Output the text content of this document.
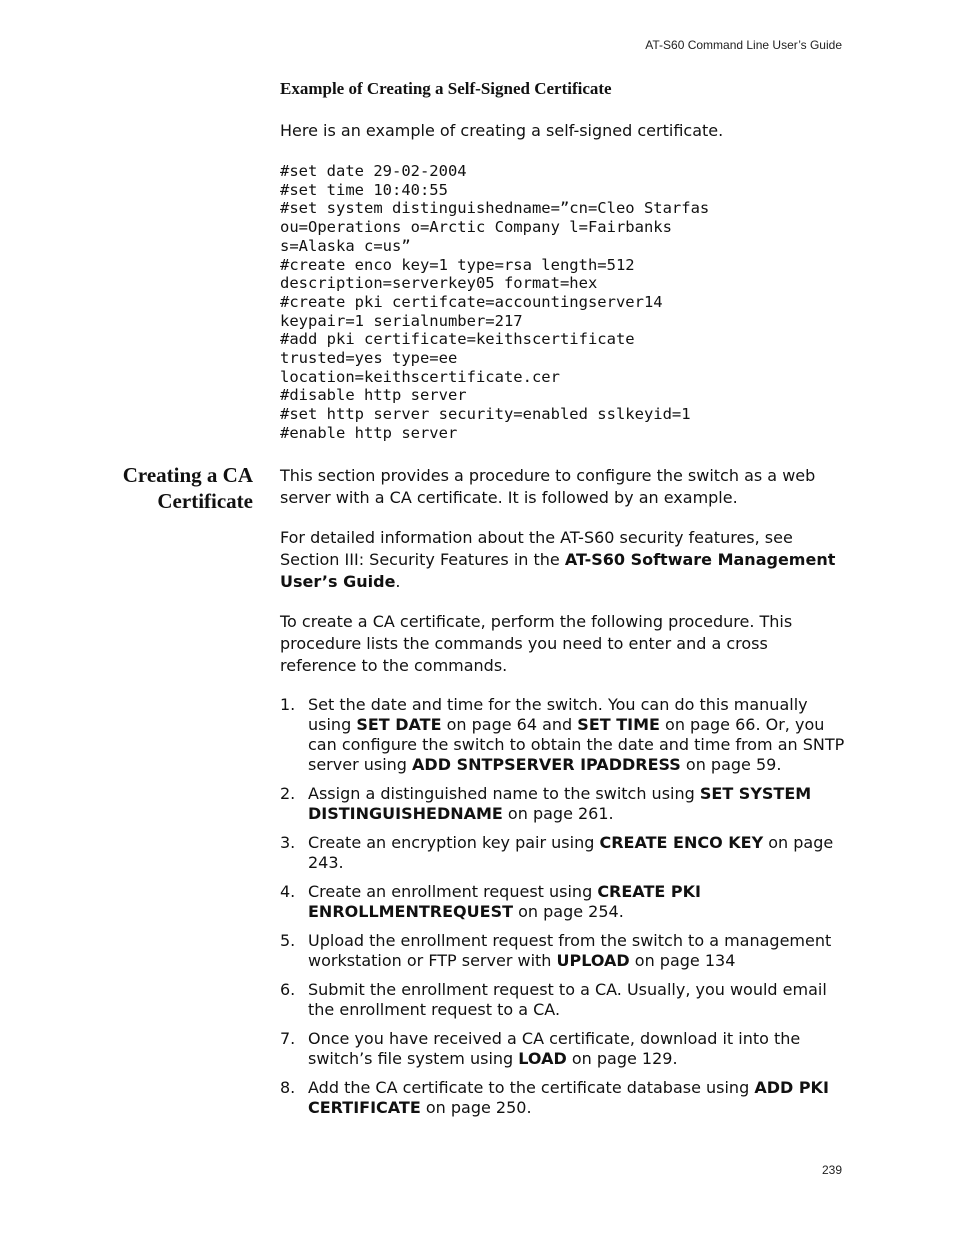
AT-S60 Command Line User’s Guide
Example of Creating a Self-Signed Certificate
Here is an example of creating a self-signed certificate.
#set date 29-02-2004
#set time 10:40:55
#set system distinguishedname=”cn=Cleo Starfas
ou=Operations o=Arctic Company l=Fairbanks
s=Alaska c=us”
#create enco key=1 type=rsa length=512
description=serverkey05 format=hex
#create pki certifcate=accountingserver14
keypair=1 serialnumber=217
#add pki certificate=keithscertificate
trusted=yes type=ee
location=keithscertificate.cer
#disable http server
#set http server security=enabled sslkeyid=1
#enable http server
Creating a CA
Certificate

This section provides a procedure to configure the switch as a web server with a CA certificate. It is followed by an example.

For detailed information about the AT-S60 security features, see Section III: Security Features in the AT-S60 Software Management User’s Guide.

To create a CA certificate, perform the following procedure. This procedure lists the commands you need to enter and a cross reference to the commands.

1. Set the date and time for the switch. You can do this manually using SET DATE on page 64 and SET TIME on page 66. Or, you can configure the switch to obtain the date and time from an SNTP server using ADD SNTPSERVER IPADDRESS on page 59.
2. Assign a distinguished name to the switch using SET SYSTEM DISTINGUISHEDNAME on page 261.
3. Create an encryption key pair using CREATE ENCO KEY on page 243.
4. Create an enrollment request using CREATE PKI ENROLLMENTREQUEST on page 254.
5. Upload the enrollment request from the switch to a management workstation or FTP server with UPLOAD on page 134
6. Submit the enrollment request to a CA. Usually, you would email the enrollment request to a CA.
7. Once you have received a CA certificate, download it into the switch’s file system using LOAD on page 129.
8. Add the CA certificate to the certificate database using ADD PKI CERTIFICATE on page 250.
239
